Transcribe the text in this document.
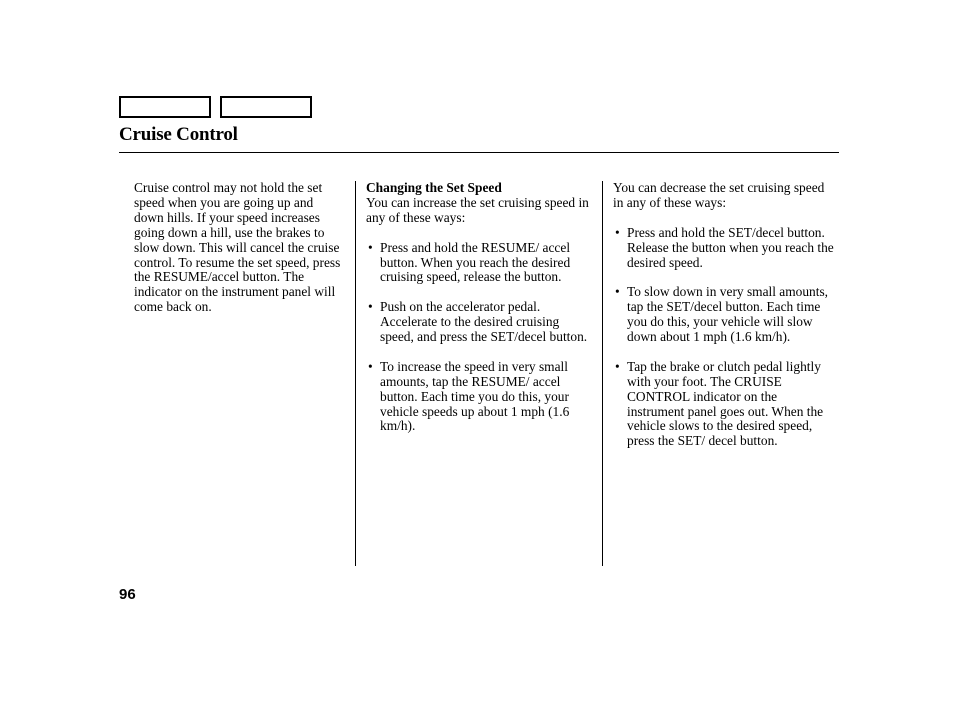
Cruise Control

Cruise control may not hold the set speed when you are going up and down hills. If your speed increases going down a hill, use the brakes to slow down. This will cancel the cruise control. To resume the set speed, press the RESUME/accel button. The indicator on the instrument panel will come back on.

Changing the Set Speed

You can increase the set cruising speed in any of these ways:

• Press and hold the RESUME/ accel button. When you reach the desired cruising speed, release the button.
• Push on the accelerator pedal. Accelerate to the desired cruising speed, and press the SET/decel button.
• To increase the speed in very small amounts, tap the RESUME/ accel button. Each time you do this, your vehicle speeds up about 1 mph (1.6 km/h).

You can decrease the set cruising speed in any of these ways:

• Press and hold the SET/decel button. Release the button when you reach the desired speed.
• To slow down in very small amounts, tap the SET/decel button. Each time you do this, your vehicle will slow down about 1 mph (1.6 km/h).
• Tap the brake or clutch pedal lightly with your foot. The CRUISE CONTROL indicator on the instrument panel goes out. When the vehicle slows to the desired speed, press the SET/ decel button.
96
